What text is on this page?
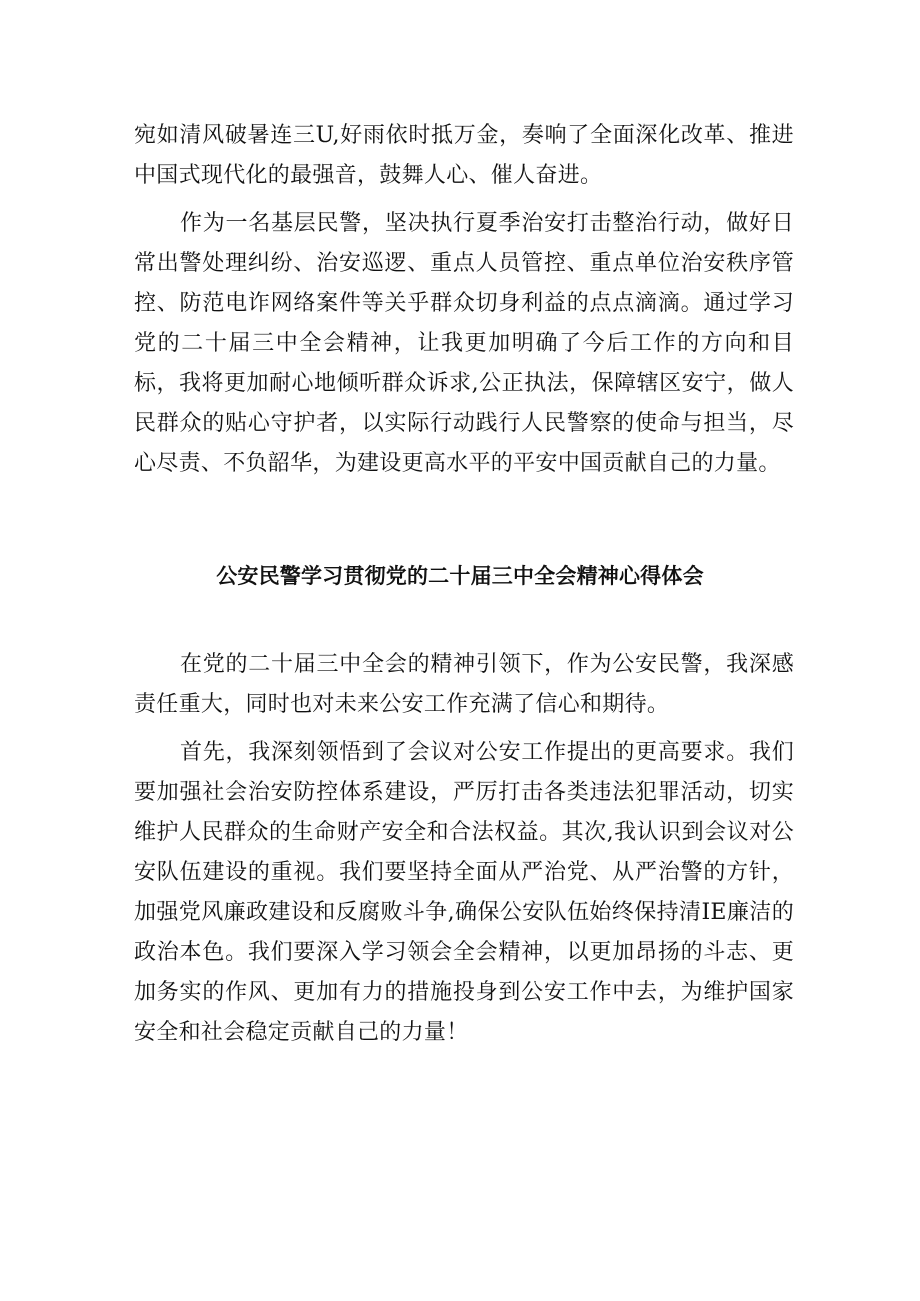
宛如清风破暑连三U,好雨依时抵万金，奏响了全面深化改革、推进中国式现代化的最强音，鼓舞人心、催人奋进。

作为一名基层民警，坚决执行夏季治安打击整治行动，做好日常出警处理纠纷、治安巡逻、重点人员管控、重点单位治安秩序管控、防范电诈网络案件等关乎群众切身利益的点点滴滴。通过学习党的二十届三中全会精神，让我更加明确了今后工作的方向和目标，我将更加耐心地倾听群众诉求,公正执法，保障辖区安宁，做人民群众的贴心守护者，以实际行动践行人民警察的使命与担当，尽心尽责、不负韶华，为建设更高水平的平安中国贡献自己的力量。

公安民警学习贯彻党的二十届三中全会精神心得体会

在党的二十届三中全会的精神引领下，作为公安民警，我深感责任重大，同时也对未来公安工作充满了信心和期待。

首先，我深刻领悟到了会议对公安工作提出的更高要求。我们要加强社会治安防控体系建设，严厉打击各类违法犯罪活动，切实维护人民群众的生命财产安全和合法权益。其次,我认识到会议对公安队伍建设的重视。我们要坚持全面从严治党、从严治警的方针，加强党风廉政建设和反腐败斗争,确保公安队伍始终保持清IE廉洁的政治本色。我们要深入学习领会全会精神，以更加昂扬的斗志、更加务实的作风、更加有力的措施投身到公安工作中去，为维护国家安全和社会稳定贡献自己的力量！
